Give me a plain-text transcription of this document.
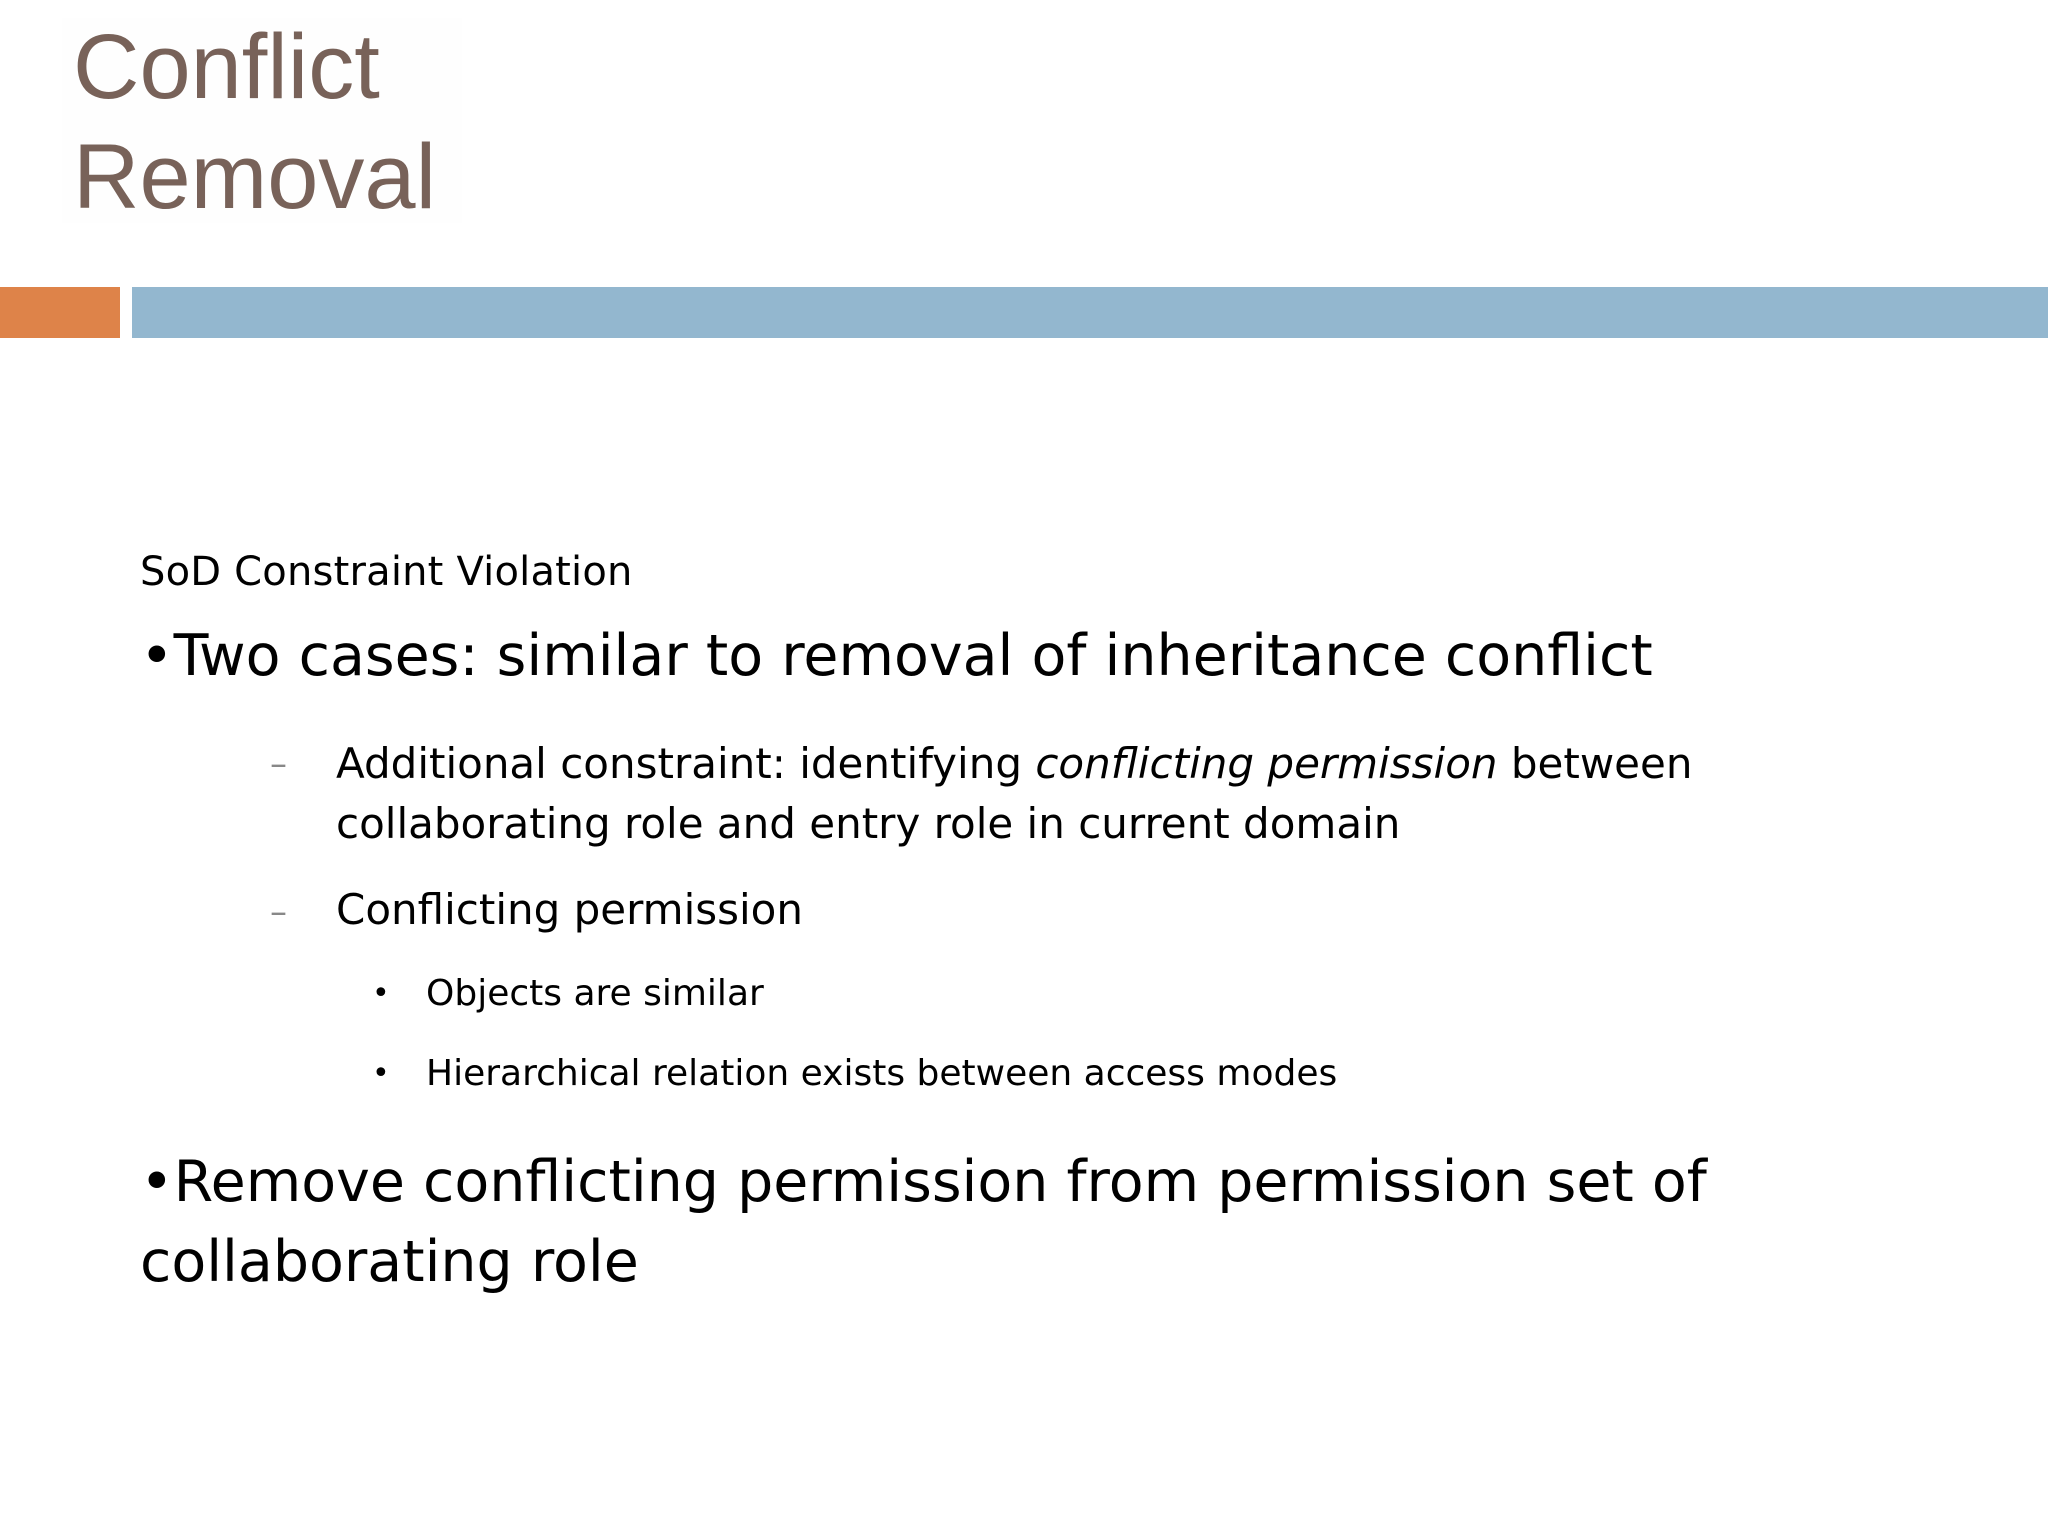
Conflict
Removal
SoD Constraint Violation
•Two cases: similar to removal of inheritance conflict
– Additional constraint: identifying conflicting permission between
collaborating role and entry role in current domain
– Conflicting permission
• Objects are similar
• Hierarchical relation exists between access modes
•Remove conflicting permission from permission set of
collaborating role
